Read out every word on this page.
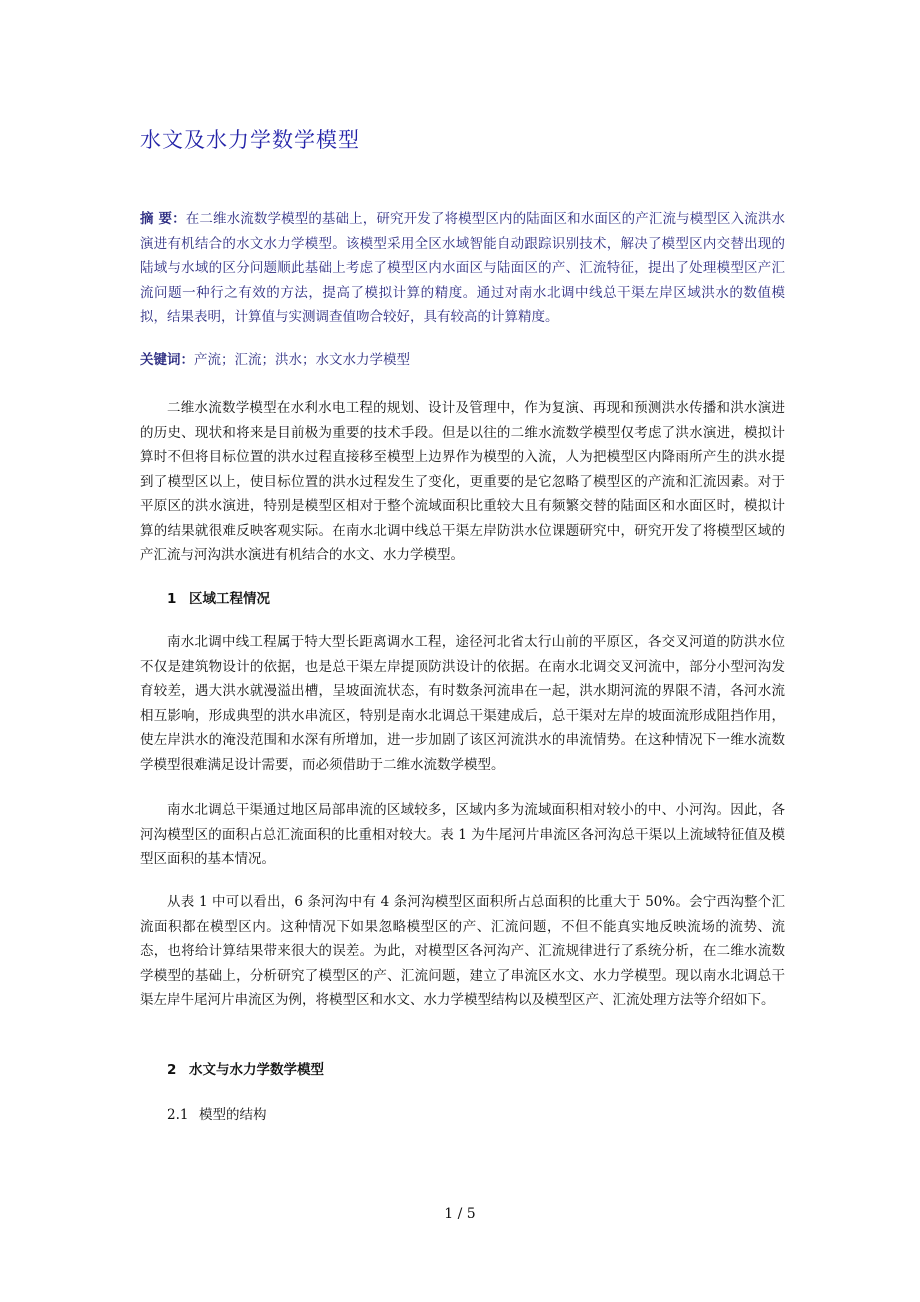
水文及水力学数学模型

摘 要：在二维水流数学模型的基础上，研究开发了将模型区内的陆面区和水面区的产汇流与模型区入流洪水演进有机结合的水文水力学模型。该模型采用全区水域智能自动跟踪识别技术，解决了模型区内交替出现的陆域与水域的区分问题顺此基础上考虑了模型区内水面区与陆面区的产、汇流特征，提出了处理模型区产汇流问题一种行之有效的方法，提高了模拟计算的精度。通过对南水北调中线总干渠左岸区域洪水的数值模拟，结果表明，计算值与实测调查值吻合较好，具有较高的计算精度。

关键词：产流；汇流；洪水；水文水力学模型

二维水流数学模型在水利水电工程的规划、设计及管理中，作为复演、再现和预测洪水传播和洪水演进的历史、现状和将来是目前极为重要的技术手段。但是以往的二维水流数学模型仅考虑了洪水演进，模拟计算时不但将目标位置的洪水过程直接移至模型上边界作为模型的入流，人为把模型区内降雨所产生的洪水提到了模型区以上，使目标位置的洪水过程发生了变化，更重要的是它忽略了模型区的产流和汇流因素。对于平原区的洪水演进，特别是模型区相对于整个流域面积比重较大且有频繁交替的陆面区和水面区时，模拟计算的结果就很难反映客观实际。在南水北调中线总干渠左岸防洪水位课题研究中，研究开发了将模型区域的产汇流与河沟洪水演进有机结合的水文、水力学模型。

1 区域工程情况

南水北调中线工程属于特大型长距离调水工程，途径河北省太行山前的平原区，各交叉河道的防洪水位不仅是建筑物设计的依据，也是总干渠左岸提顶防洪设计的依据。在南水北调交叉河流中，部分小型河沟发育较差，遇大洪水就漫溢出槽，呈坡面流状态，有时数条河流串在一起，洪水期河流的界限不清，各河水流相互影响，形成典型的洪水串流区，特别是南水北调总干渠建成后，总干渠对左岸的坡面流形成阻挡作用，使左岸洪水的淹没范围和水深有所增加，进一步加剧了该区河流洪水的串流情势。在这种情况下一维水流数学模型很难满足设计需要，而必须借助于二维水流数学模型。

南水北调总干渠通过地区局部串流的区域较多，区域内多为流域面积相对较小的中、小河沟。因此，各河沟模型区的面积占总汇流面积的比重相对较大。表 1 为牛尾河片串流区各河沟总干渠以上流域特征值及模型区面积的基本情况。

从表 1 中可以看出，6 条河沟中有 4 条河沟模型区面积所占总面积的比重大于 50%。会宁西沟整个汇流面积都在模型区内。这种情况下如果忽略模型区的产、汇流问题，不但不能真实地反映流场的流势、流态，也将给计算结果带来很大的误差。为此，对模型区各河沟产、汇流规律进行了系统分析，在二维水流数学模型的基础上，分析研究了模型区的产、汇流问题，建立了串流区水文、水力学模型。现以南水北调总干渠左岸牛尾河片串流区为例，将模型区和水文、水力学模型结构以及模型区产、汇流处理方法等介绍如下。

2 水文与水力学数学模型
2.1 模型的结构
1 / 5
